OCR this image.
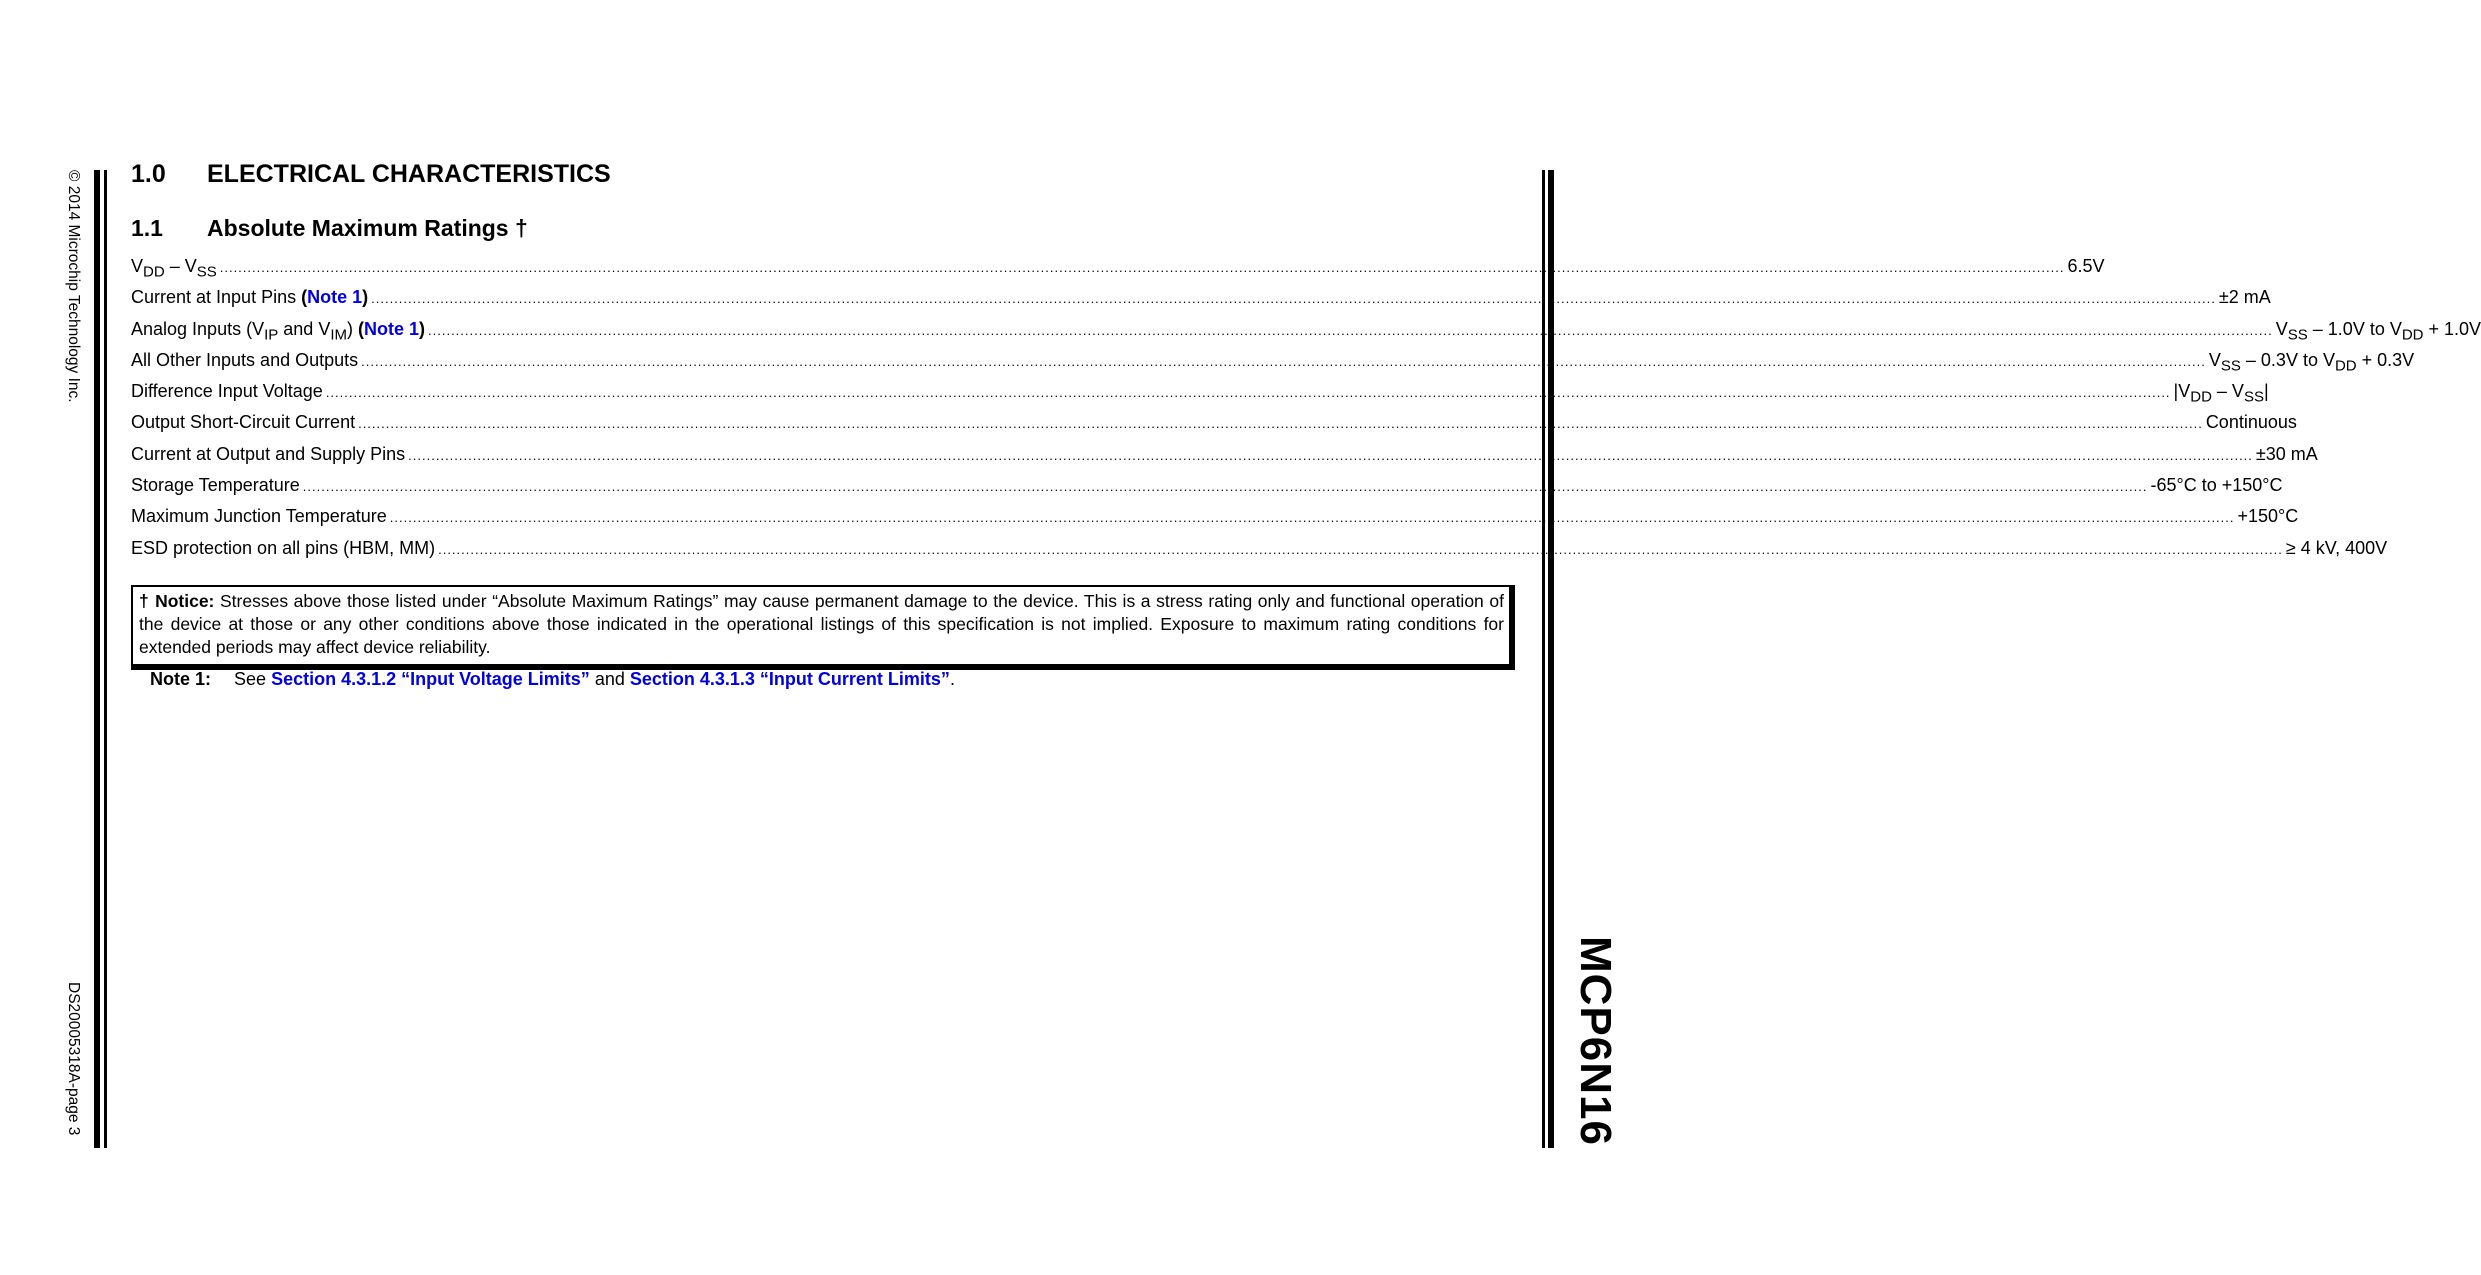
© 2014 Microchip Technology Inc.
DS20005318A-page 3	MCP6N16
1.0 ELECTRICAL CHARACTERISTICS
1.1 Absolute Maximum Ratings †
$V_{DD} - V_{SS}$ ................................................................................................................................................................................................................................................................................................................................................................................................................ 6.5V
Current at Input Pins (Note 1) ................................................................................................................................................................................................................................................................................................................................................................................................................ ±2 mA
Analog Inputs ($V_{IP}$ and $V_{IM}$) (Note 1) ................................................................................................................................................................................................................................................................................................................................................................................................................ $V_{SS} - 1.0V$ to $V_{DD} + 1.0V$
All Other Inputs and Outputs ................................................................................................................................................................................................................................................................................................................................................................................................................ $V_{SS} - 0.3V$ to $V_{DD} + 0.3V$
Difference Input Voltage ................................................................................................................................................................................................................................................................................................................................................................................................................ $|V_{DD} - V_{SS}|$
Output Short-Circuit Current ................................................................................................................................................................................................................................................................................................................................................................................................................ Continuous
Current at Output and Supply Pins ................................................................................................................................................................................................................................................................................................................................................................................................................ ±30 mA
Storage Temperature ................................................................................................................................................................................................................................................................................................................................................................................................................ -65°C to +150°C
Maximum Junction Temperature ................................................................................................................................................................................................................................................................................................................................................................................................................ +150°C
ESD protection on all pins (HBM, MM) ................................................................................................................................................................................................................................................................................................................................................................................................................ ≥ 4 kV, 400V
† Notice: Stresses above those listed under “Absolute Maximum Ratings” may cause permanent damage to the device. This is a stress rating only and functional operation of the device at those or any other conditions above those indicated in the operational listings of this specification is not implied. Exposure to maximum rating conditions for extended periods may affect device reliability.
Note 1: See Section 4.3.1.2 “Input Voltage Limits” and Section 4.3.1.3 “Input Current Limits”.
